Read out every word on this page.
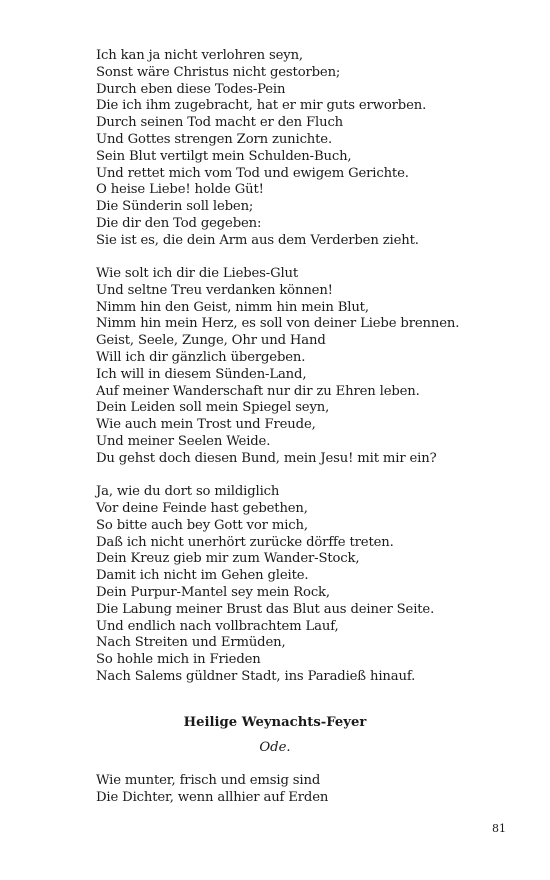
Ich kan ja nicht verlohren seyn,
Sonst wäre Christus nicht gestorben;
Durch eben diese Todes-Pein
Die ich ihm zugebracht, hat er mir guts erworben.
Durch seinen Tod macht er den Fluch
Und Gottes strengen Zorn zunichte.
Sein Blut vertilgt mein Schulden-Buch,
Und rettet mich vom Tod und ewigem Gerichte.
O heise Liebe! holde Güt!
Die Sünderin soll leben;
Die dir den Tod gegeben:
Sie ist es, die dein Arm aus dem Verderben zieht.
Wie solt ich dir die Liebes-Glut
Und seltne Treu verdanken können!
Nimm hin den Geist, nimm hin mein Blut,
Nimm hin mein Herz, es soll von deiner Liebe brennen.
Geist, Seele, Zunge, Ohr und Hand
Will ich dir gänzlich übergeben.
Ich will in diesem Sünden-Land,
Auf meiner Wanderschaft nur dir zu Ehren leben.
Dein Leiden soll mein Spiegel seyn,
Wie auch mein Trost und Freude,
Und meiner Seelen Weide.
Du gehst doch diesen Bund, mein Jesu! mit mir ein?
Ja, wie du dort so mildiglich
Vor deine Feinde hast gebethen,
So bitte auch bey Gott vor mich,
Daß ich nicht unerhört zurücke dörffe treten.
Dein Kreuz gieb mir zum Wander-Stock,
Damit ich nicht im Gehen gleite.
Dein Purpur-Mantel sey mein Rock,
Die Labung meiner Brust das Blut aus deiner Seite.
Und endlich nach vollbrachtem Lauf,
Nach Streiten und Ermüden,
So hohle mich in Frieden
Nach Salems güldner Stadt, ins Paradieß hinauf.
Heilige Weynachts-Feyer
Ode.
Wie munter, frisch und emsig sind
Die Dichter, wenn allhier auf Erden
81
